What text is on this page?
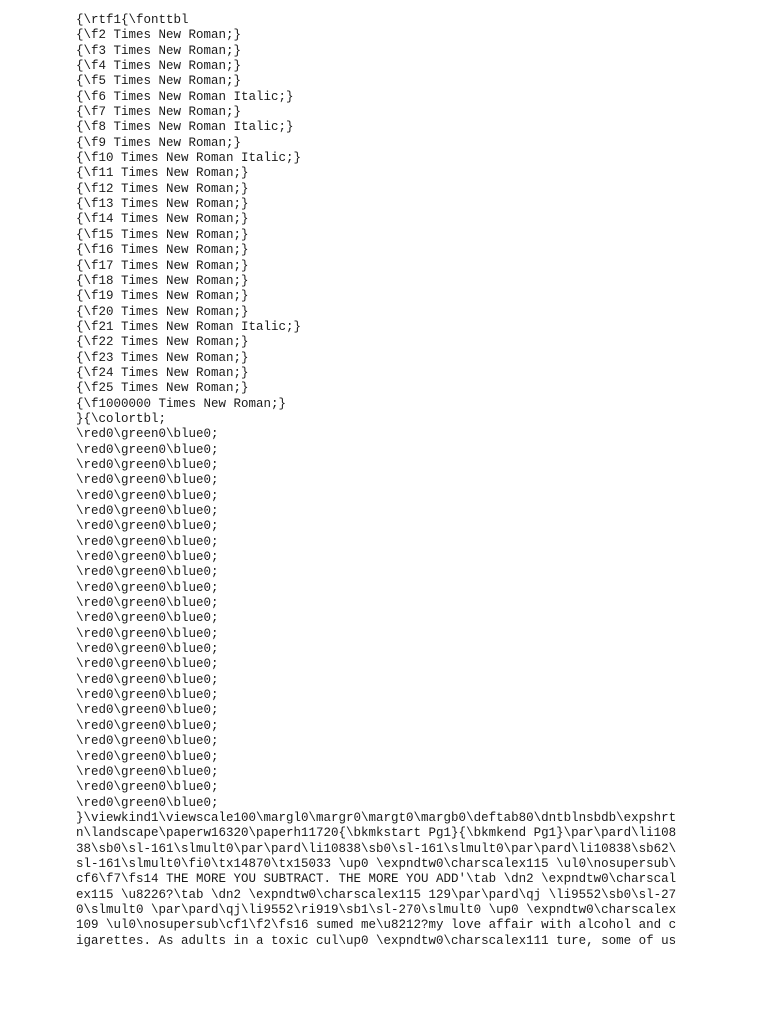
{\rtf1{\fonttbl
{\f2 Times New Roman;}
{\f3 Times New Roman;}
{\f4 Times New Roman;}
{\f5 Times New Roman;}
{\f6 Times New Roman Italic;}
{\f7 Times New Roman;}
{\f8 Times New Roman Italic;}
{\f9 Times New Roman;}
{\f10 Times New Roman Italic;}
{\f11 Times New Roman;}
{\f12 Times New Roman;}
{\f13 Times New Roman;}
{\f14 Times New Roman;}
{\f15 Times New Roman;}
{\f16 Times New Roman;}
{\f17 Times New Roman;}
{\f18 Times New Roman;}
{\f19 Times New Roman;}
{\f20 Times New Roman;}
{\f21 Times New Roman Italic;}
{\f22 Times New Roman;}
{\f23 Times New Roman;}
{\f24 Times New Roman;}
{\f25 Times New Roman;}
{\f1000000 Times New Roman;}
}{\colortbl;
\red0\green0\blue0;
\red0\green0\blue0;
\red0\green0\blue0;
\red0\green0\blue0;
\red0\green0\blue0;
\red0\green0\blue0;
\red0\green0\blue0;
\red0\green0\blue0;
\red0\green0\blue0;
\red0\green0\blue0;
\red0\green0\blue0;
\red0\green0\blue0;
\red0\green0\blue0;
\red0\green0\blue0;
\red0\green0\blue0;
\red0\green0\blue0;
\red0\green0\blue0;
\red0\green0\blue0;
\red0\green0\blue0;
\red0\green0\blue0;
\red0\green0\blue0;
\red0\green0\blue0;
\red0\green0\blue0;
\red0\green0\blue0;
\red0\green0\blue0;
}\viewkind1\viewscale100\margl0\margr0\margt0\margb0\deftab80\dntblnsbdb\expshrt
n\landscape\paperw16320\paperh11720{\bkmkstart Pg1}{\bkmkend Pg1}\par\pard\li108
38\sb0\sl-161\slmult0\par\pard\li10838\sb0\sl-161\slmult0\par\pard\li10838\sb62\
sl-161\slmult0\fi0\tx14870\tx15033 \up0 \expndtw0\charscalex115 \ul0\nosupersub\
cf6\f7\fs14 THE MORE YOU SUBTRACT. THE MORE YOU ADD'\tab \dn2 \expndtw0\charscal
ex115 \u8226?\tab \dn2 \expndtw0\charscalex115 129\par\pard\qj \li9552\sb0\sl-27
0\slmult0 \par\pard\qj\li9552\ri919\sb1\sl-270\slmult0 \up0 \expndtw0\charscalex
109 \ul0\nosupersub\cf1\f2\fs16 sumed me\u8212?my love affair with alcohol and c
igarettes. As adults in a toxic cul\up0 \expndtw0\charscalex111 ture, some of us
